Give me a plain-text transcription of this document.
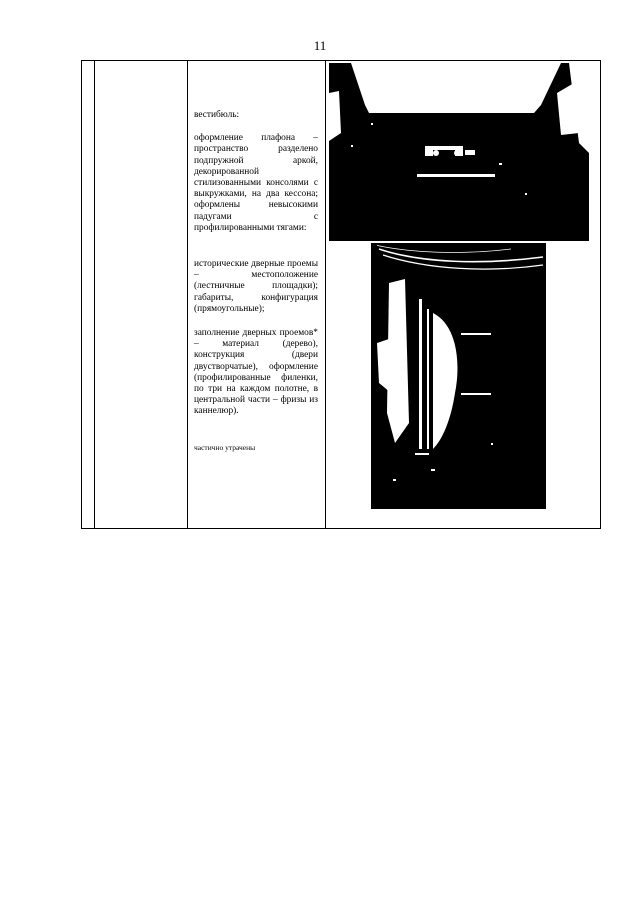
11

вестибюль:

оформление плафона – пространство разделено подпружной аркой, декорированной стилизованными консолями с выкружками, на два кессона; оформлены невысокими падугами с профилированными тягами:

исторические дверные проемы – местоположение (лестничные площадки); габариты, конфигурация (прямоугольные);

заполнение дверных проемов* – материал (дерево), конструкция (двери двустворчатые), оформление (профилированные филенки, по три на каждом полотне, в центральной части – фризы из каннелюр).

частично утрачены
